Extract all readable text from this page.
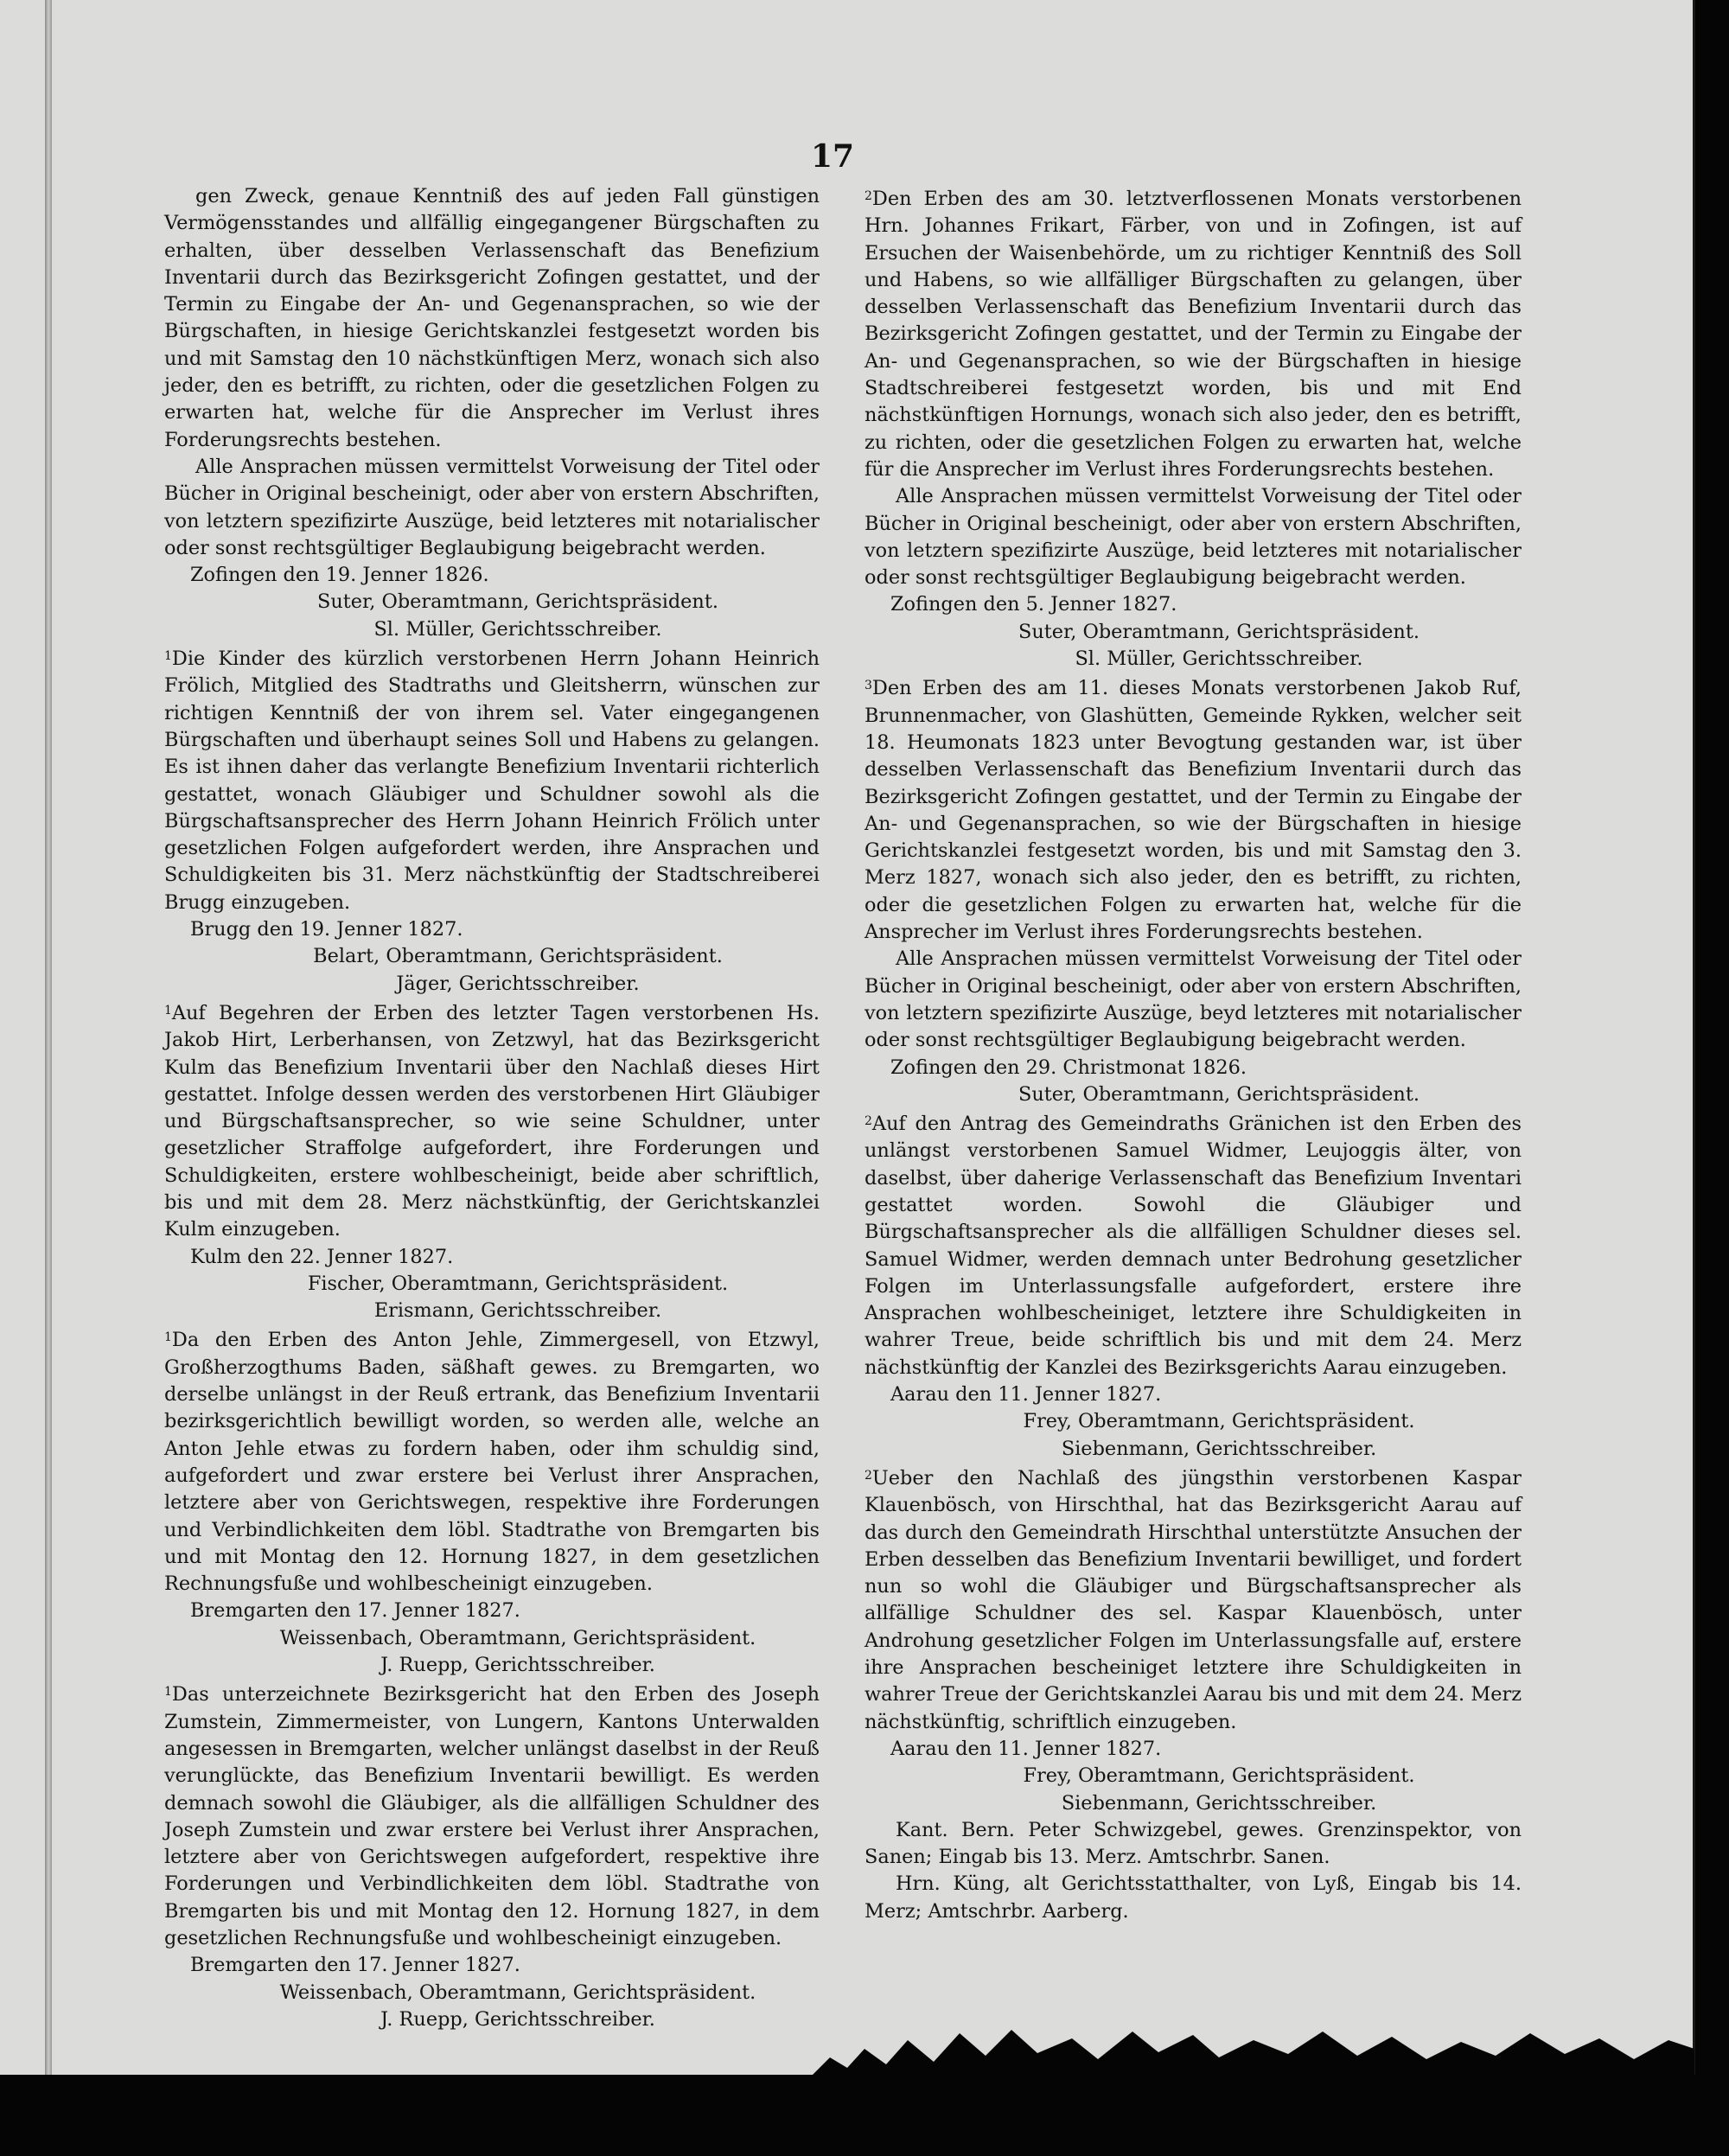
17

gen Zweck, genaue Kenntniß des auf jeden Fall günstigen Vermögensstandes und allfällig eingegangener Bürgschaften zu erhalten, über desselben Verlassenschaft das Benefizium Inventarii durch das Bezirksgericht Zofingen gestattet, und der Termin zu Eingabe der An- und Gegenansprachen, so wie der Bürgschaften, in hiesige Gerichtskanzlei festgesetzt worden bis und mit Samstag den 10 nächstkünftigen Merz, wonach sich also jeder, den es betrifft, zu richten, oder die gesetzlichen Folgen zu erwarten hat, welche für die Ansprecher im Verlust ihres Forderungsrechts bestehen.

Alle Ansprachen müssen vermittelst Vorweisung der Titel oder Bücher in Original bescheinigt, oder aber von erstern Abschriften, von letztern spezifizirte Auszüge, beid letzteres mit notarialischer oder sonst rechtsgültiger Beglaubigung beigebracht werden.

Zofingen den 19. Jenner 1826.

Suter, Oberamtmann, Gerichtspräsident.

Sl. Müller, Gerichtsschreiber.

$^1$Die Kinder des kürzlich verstorbenen Herrn Johann Heinrich Frölich, Mitglied des Stadtraths und Gleitsherrn, wünschen zur richtigen Kenntniß der von ihrem sel. Vater eingegangenen Bürgschaften und überhaupt seines Soll und Habens zu gelangen. Es ist ihnen daher das verlangte Benefizium Inventarii richterlich gestattet, wonach Gläubiger und Schuldner sowohl als die Bürgschaftsansprecher des Herrn Johann Heinrich Frölich unter gesetzlichen Folgen aufgefordert werden, ihre Ansprachen und Schuldigkeiten bis 31. Merz nächstkünftig der Stadtschreiberei Brugg einzugeben.

Brugg den 19. Jenner 1827.

Belart, Oberamtmann, Gerichtspräsident.

Jäger, Gerichtsschreiber.

$^1$Auf Begehren der Erben des letzter Tagen verstorbenen Hs. Jakob Hirt, Lerberhansen, von Zetzwyl, hat das Bezirksgericht Kulm das Benefizium Inventarii über den Nachlaß dieses Hirt gestattet. Infolge dessen werden des verstorbenen Hirt Gläubiger und Bürgschaftsansprecher, so wie seine Schuldner, unter gesetzlicher Straffolge aufgefordert, ihre Forderungen und Schuldigkeiten, erstere wohlbescheinigt, beide aber schriftlich, bis und mit dem 28. Merz nächstkünftig, der Gerichtskanzlei Kulm einzugeben.

Kulm den 22. Jenner 1827.

Fischer, Oberamtmann, Gerichtspräsident.

Erismann, Gerichtsschreiber.

$^1$Da den Erben des Anton Jehle, Zimmergesell, von Etzwyl, Großherzogthums Baden, säßhaft gewes. zu Bremgarten, wo derselbe unlängst in der Reuß ertrank, das Benefizium Inventarii bezirksgerichtlich bewilligt worden, so werden alle, welche an Anton Jehle etwas zu fordern haben, oder ihm schuldig sind, aufgefordert und zwar erstere bei Verlust ihrer Ansprachen, letztere aber von Gerichtswegen, respektive ihre Forderungen und Verbindlichkeiten dem löbl. Stadtrathe von Bremgarten bis und mit Montag den 12. Hornung 1827, in dem gesetzlichen Rechnungsfuße und wohlbescheinigt einzugeben.

Bremgarten den 17. Jenner 1827.

Weissenbach, Oberamtmann, Gerichtspräsident.

J. Ruepp, Gerichtsschreiber.

$^1$Das unterzeichnete Bezirksgericht hat den Erben des Joseph Zumstein, Zimmermeister, von Lungern, Kantons Unterwalden angesessen in Bremgarten, welcher unlängst daselbst in der Reuß verunglückte, das Benefizium Inventarii bewilligt. Es werden demnach sowohl die Gläubiger, als die allfälligen Schuldner des Joseph Zumstein und zwar erstere bei Verlust ihrer Ansprachen, letztere aber von Gerichtswegen aufgefordert, respektive ihre Forderungen und Verbindlichkeiten dem löbl. Stadtrathe von Bremgarten bis und mit Montag den 12. Hornung 1827, in dem gesetzlichen Rechnungsfuße und wohlbescheinigt einzugeben.

Bremgarten den 17. Jenner 1827.

Weissenbach, Oberamtmann, Gerichtspräsident.

J. Ruepp, Gerichtsschreiber.

$^2$Den Erben des am 30. letztverflossenen Monats verstorbenen Hrn. Johannes Frikart, Färber, von und in Zofingen, ist auf Ersuchen der Waisenbehörde, um zu richtiger Kenntniß des Soll und Habens, so wie allfälliger Bürgschaften zu gelangen, über desselben Verlassenschaft das Benefizium Inventarii durch das Bezirksgericht Zofingen gestattet, und der Termin zu Eingabe der An- und Gegenansprachen, so wie der Bürgschaften in hiesige Stadtschreiberei festgesetzt worden, bis und mit End nächstkünftigen Hornungs, wonach sich also jeder, den es betrifft, zu richten, oder die gesetzlichen Folgen zu erwarten hat, welche für die Ansprecher im Verlust ihres Forderungsrechts bestehen.

Alle Ansprachen müssen vermittelst Vorweisung der Titel oder Bücher in Original bescheinigt, oder aber von erstern Abschriften, von letztern spezifizirte Auszüge, beid letzteres mit notarialischer oder sonst rechtsgültiger Beglaubigung beigebracht werden.

Zofingen den 5. Jenner 1827.

Suter, Oberamtmann, Gerichtspräsident.

Sl. Müller, Gerichtsschreiber.

$^3$Den Erben des am 11. dieses Monats verstorbenen Jakob Ruf, Brunnenmacher, von Glashütten, Gemeinde Rykken, welcher seit 18. Heumonats 1823 unter Bevogtung gestanden war, ist über desselben Verlassenschaft das Benefizium Inventarii durch das Bezirksgericht Zofingen gestattet, und der Termin zu Eingabe der An- und Gegenansprachen, so wie der Bürgschaften in hiesige Gerichtskanzlei festgesetzt worden, bis und mit Samstag den 3. Merz 1827, wonach sich also jeder, den es betrifft, zu richten, oder die gesetzlichen Folgen zu erwarten hat, welche für die Ansprecher im Verlust ihres Forderungsrechts bestehen.

Alle Ansprachen müssen vermittelst Vorweisung der Titel oder Bücher in Original bescheinigt, oder aber von erstern Abschriften, von letztern spezifizirte Auszüge, beyd letzteres mit notarialischer oder sonst rechtsgültiger Beglaubigung beigebracht werden.

Zofingen den 29. Christmonat 1826.

Suter, Oberamtmann, Gerichtspräsident.

$^2$Auf den Antrag des Gemeindraths Gränichen ist den Erben des unlängst verstorbenen Samuel Widmer, Leujoggis älter, von daselbst, über daherige Verlassenschaft das Benefizium Inventari gestattet worden. Sowohl die Gläubiger und Bürgschaftsansprecher als die allfälligen Schuldner dieses sel. Samuel Widmer, werden demnach unter Bedrohung gesetzlicher Folgen im Unterlassungsfalle aufgefordert, erstere ihre Ansprachen wohlbescheiniget, letztere ihre Schuldigkeiten in wahrer Treue, beide schriftlich bis und mit dem 24. Merz nächstkünftig der Kanzlei des Bezirksgerichts Aarau einzugeben.

Aarau den 11. Jenner 1827.

Frey, Oberamtmann, Gerichtspräsident.

Siebenmann, Gerichtsschreiber.

$^2$Ueber den Nachlaß des jüngsthin verstorbenen Kaspar Klauenbösch, von Hirschthal, hat das Bezirksgericht Aarau auf das durch den Gemeindrath Hirschthal unterstützte Ansuchen der Erben desselben das Benefizium Inventarii bewilliget, und fordert nun so wohl die Gläubiger und Bürgschaftsansprecher als allfällige Schuldner des sel. Kaspar Klauenbösch, unter Androhung gesetzlicher Folgen im Unterlassungsfalle auf, erstere ihre Ansprachen bescheiniget letztere ihre Schuldigkeiten in wahrer Treue der Gerichtskanzlei Aarau bis und mit dem 24. Merz nächstkünftig, schriftlich einzugeben.

Aarau den 11. Jenner 1827.

Frey, Oberamtmann, Gerichtspräsident.

Siebenmann, Gerichtsschreiber.

Kant. Bern. Peter Schwizgebel, gewes. Grenzinspektor, von Sanen; Eingab bis 13. Merz. Amtschrbr. Sanen.

Hrn. Küng, alt Gerichtsstatthalter, von Lyß, Eingab bis 14. Merz; Amtschrbr. Aarberg.
